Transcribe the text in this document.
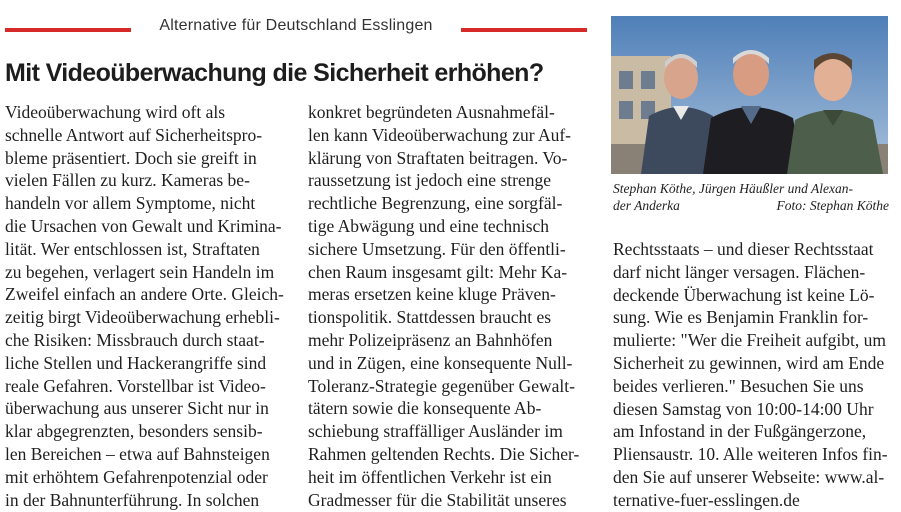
Alternative für Deutschland Esslingen
Mit Videoüberwachung die Sicherheit erhöhen?
Videoüberwachung wird oft als
schnelle Antwort auf Sicherheitspro-
bleme präsentiert. Doch sie greift in
vielen Fällen zu kurz. Kameras be-
handeln vor allem Symptome, nicht
die Ursachen von Gewalt und Krimina-
lität. Wer entschlossen ist, Straftaten
zu begehen, verlagert sein Handeln im
Zweifel einfach an andere Orte. Gleich-
zeitig birgt Videoüberwachung erhebli-
che Risiken: Missbrauch durch staat-
liche Stellen und Hackerangriffe sind
reale Gefahren. Vorstellbar ist Video-
überwachung aus unserer Sicht nur in
klar abgegrenzten, besonders sensib-
len Bereichen – etwa auf Bahnsteigen
mit erhöhtem Gefahrenpotenzial oder
in der Bahnunterführung. In solchen
konkret begründeten Ausnahmefäl-
len kann Videoüberwachung zur Auf-
klärung von Straftaten beitragen. Vo-
raussetzung ist jedoch eine strenge
rechtliche Begrenzung, eine sorgfäl-
tige Abwägung und eine technisch
sichere Umsetzung. Für den öffentli-
chen Raum insgesamt gilt: Mehr Ka-
meras ersetzen keine kluge Präven-
tionspolitik. Stattdessen braucht es
mehr Polizeipräsenz an Bahnhöfen
und in Zügen, eine konsequente Null-
Toleranz-Strategie gegenüber Gewalt-
tätern sowie die konsequente Ab-
schiebung straffälliger Ausländer im
Rahmen geltenden Rechts. Die Sicher-
heit im öffentlichen Verkehr ist ein
Gradmesser für die Stabilität unseres
Stephan Köthe, Jürgen Häußler und Alexan-
der Anderka	Foto: Stephan Köthe
Rechtsstaats – und dieser Rechtsstaat
darf nicht länger versagen. Flächen-
deckende Überwachung ist keine Lö-
sung. Wie es Benjamin Franklin for-
mulierte: "Wer die Freiheit aufgibt, um
Sicherheit zu gewinnen, wird am Ende
beides verlieren." Besuchen Sie uns
diesen Samstag von 10:00-14:00 Uhr
am Infostand in der Fußgängerzone,
Pliensaustr. 10. Alle weiteren Infos fin-
den Sie auf unserer Webseite: www.al-
ternative-fuer-esslingen.de
